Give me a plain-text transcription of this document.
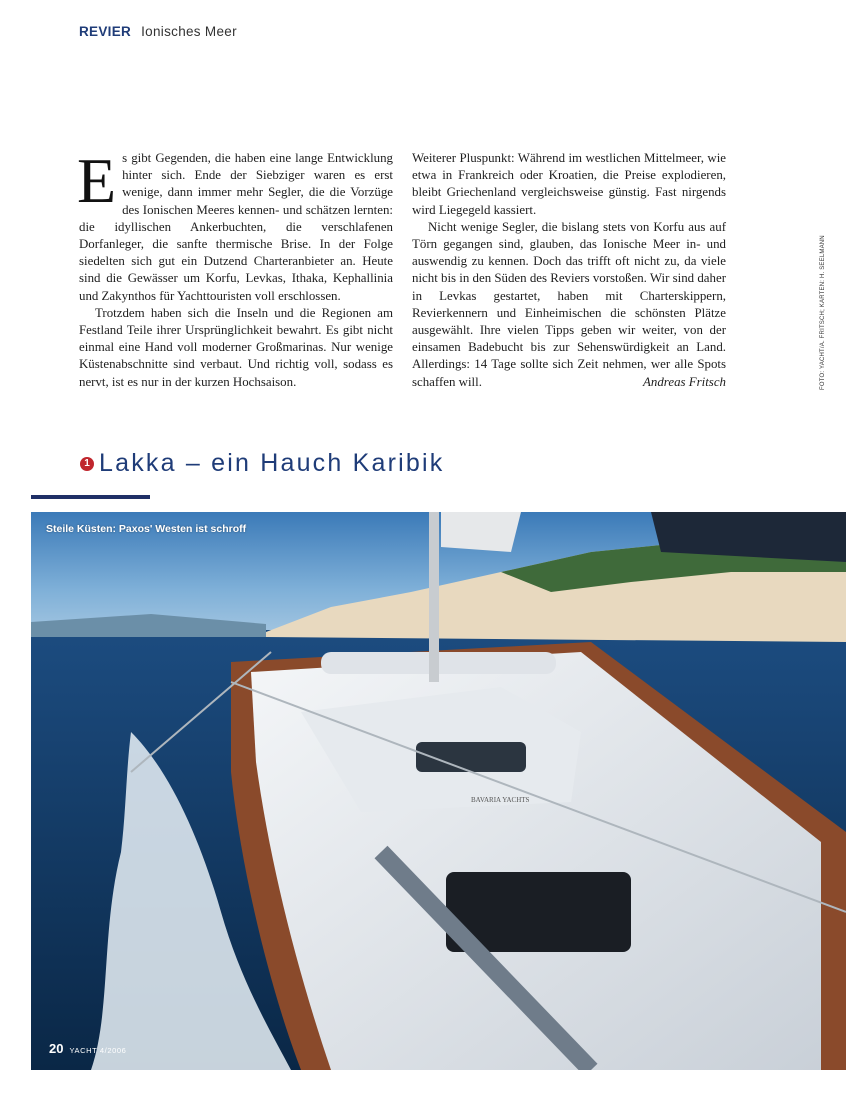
REVIER Ionisches Meer

Es gibt Gegenden, die haben eine lange Entwicklung hinter sich. Ende der Siebziger waren es erst wenige, dann immer mehr Segler, die die Vorzüge des Ionischen Meeres kennen- und schätzen lernten: die idyllischen Ankerbuchten, die verschlafenen Dorfanleger, die sanfte thermische Brise. In der Folge siedelten sich gut ein Dutzend Charteranbieter an. Heute sind die Gewässer um Korfu, Levkas, Ithaka, Kephallinia und Zakynthos für Yachttouristen voll erschlossen.

Trotzdem haben sich die Inseln und die Regionen am Festland Teile ihrer Ursprünglichkeit bewahrt. Es gibt nicht einmal eine Hand voll moderner Großmarinas. Nur wenige Küstenabschnitte sind verbaut. Und richtig voll, sodass es nervt, ist es nur in der kurzen Hochsaison.

Weiterer Pluspunkt: Während im westlichen Mittelmeer, wie etwa in Frankreich oder Kroatien, die Preise explodieren, bleibt Griechenland vergleichsweise günstig. Fast nirgends wird Liegegeld kassiert.

Nicht wenige Segler, die bislang stets von Korfu aus auf Törn gegangen sind, glauben, das Ionische Meer in- und auswendig zu kennen. Doch das trifft oft nicht zu, da viele nicht bis in den Süden des Reviers vorstoßen. Wir sind daher in Levkas gestartet, haben mit Charterskippern, Revierkennern und Einheimischen die schönsten Plätze ausgewählt. Ihre vielen Tipps geben wir weiter, von der einsamen Badebucht bis zur Sehenswürdigkeit an Land. Allerdings: 14 Tage sollte sich Zeit nehmen, wer alle Spots schaffen will.	Andreas Fritsch	FOTO: YACHT/A. FRITSCH; KARTEN: H. SEELMANN
1 Lakka – ein Hauch Karibik
BAVARIA YACHTS
Steile Küsten: Paxos' Westen ist schroff
20 YACHT 4/2006
